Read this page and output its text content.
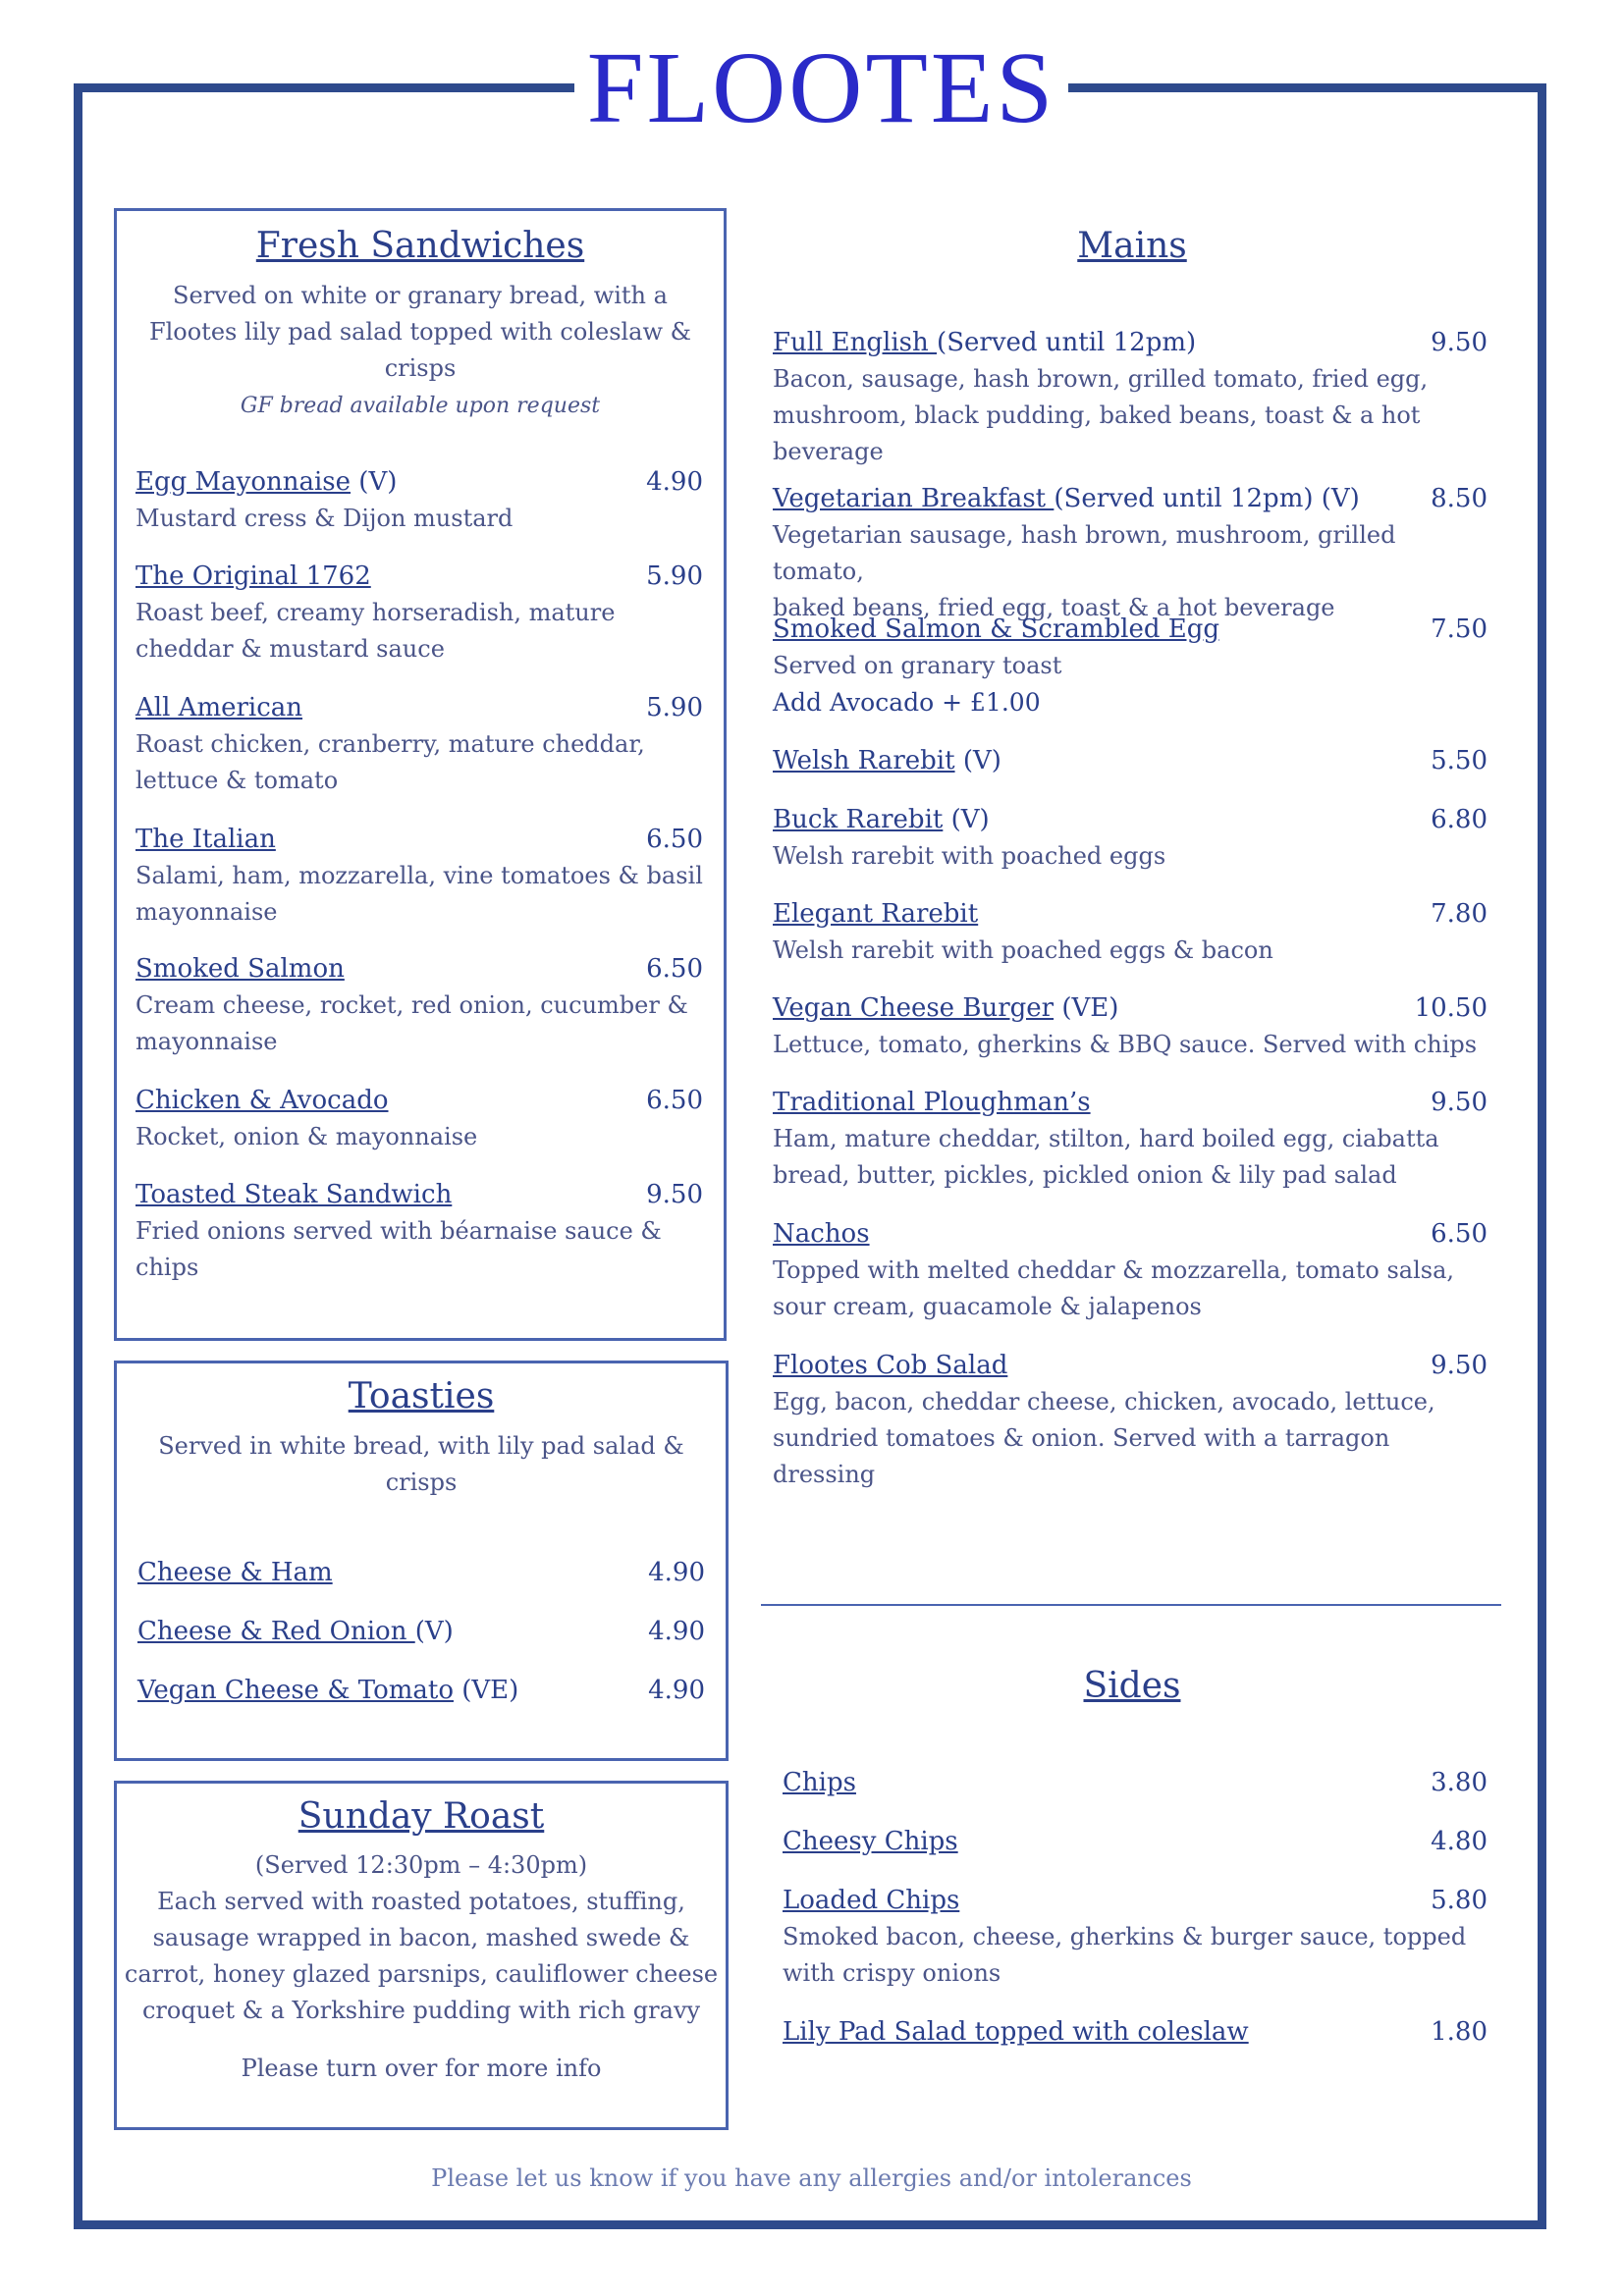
FLOOTES
Fresh Sandwiches
Served on white or granary bread, with a
Flootes lily pad salad topped with coleslaw &
crisps
GF bread available upon request
Egg Mayonnaise (V)	4.90
Mustard cress & Dijon mustard
The Original 1762	5.90
Roast beef, creamy horseradish, mature
cheddar & mustard sauce
All American	5.90
Roast chicken, cranberry, mature cheddar,
lettuce & tomato
The Italian	6.50
Salami, ham, mozzarella, vine tomatoes & basil
mayonnaise
Smoked Salmon	6.50
Cream cheese, rocket, red onion, cucumber &
mayonnaise
Chicken & Avocado	6.50
Rocket, onion & mayonnaise
Toasted Steak Sandwich	9.50
Fried onions served with béarnaise sauce &
chips
Toasties
Served in white bread, with lily pad salad &
crisps
Cheese & Ham	4.90
Cheese & Red Onion (V)	4.90
Vegan Cheese & Tomato (VE)	4.90
Sunday Roast
(Served 12:30pm – 4:30pm)
Each served with roasted potatoes, stuffing,
sausage wrapped in bacon, mashed swede &
carrot, honey glazed parsnips, cauliflower cheese
croquet & a Yorkshire pudding with rich gravy
Please turn over for more info
Mains
Full English (Served until 12pm)	9.50
Bacon, sausage, hash brown, grilled tomato, fried egg,
mushroom, black pudding, baked beans, toast & a hot
beverage
Vegetarian Breakfast (Served until 12pm) (V)	8.50
Vegetarian sausage, hash brown, mushroom, grilled tomato,
baked beans, fried egg, toast & a hot beverage
Smoked Salmon & Scrambled Egg	7.50
Served on granary toast
Add Avocado + £1.00
Welsh Rarebit (V)	5.50
Buck Rarebit (V)	6.80
Welsh rarebit with poached eggs
Elegant Rarebit	7.80
Welsh rarebit with poached eggs & bacon
Vegan Cheese Burger (VE)	10.50
Lettuce, tomato, gherkins & BBQ sauce. Served with chips
Traditional Ploughman’s	9.50
Ham, mature cheddar, stilton, hard boiled egg, ciabatta
bread, butter, pickles, pickled onion & lily pad salad
Nachos	6.50
Topped with melted cheddar & mozzarella, tomato salsa,
sour cream, guacamole & jalapenos
Flootes Cob Salad	9.50
Egg, bacon, cheddar cheese, chicken, avocado, lettuce,
sundried tomatoes & onion. Served with a tarragon dressing
Sides
Chips	3.80
Cheesy Chips	4.80
Loaded Chips	5.80
Smoked bacon, cheese, gherkins & burger sauce, topped
with crispy onions
Lily Pad Salad topped with coleslaw	1.80
Please let us know if you have any allergies and/or intolerances
